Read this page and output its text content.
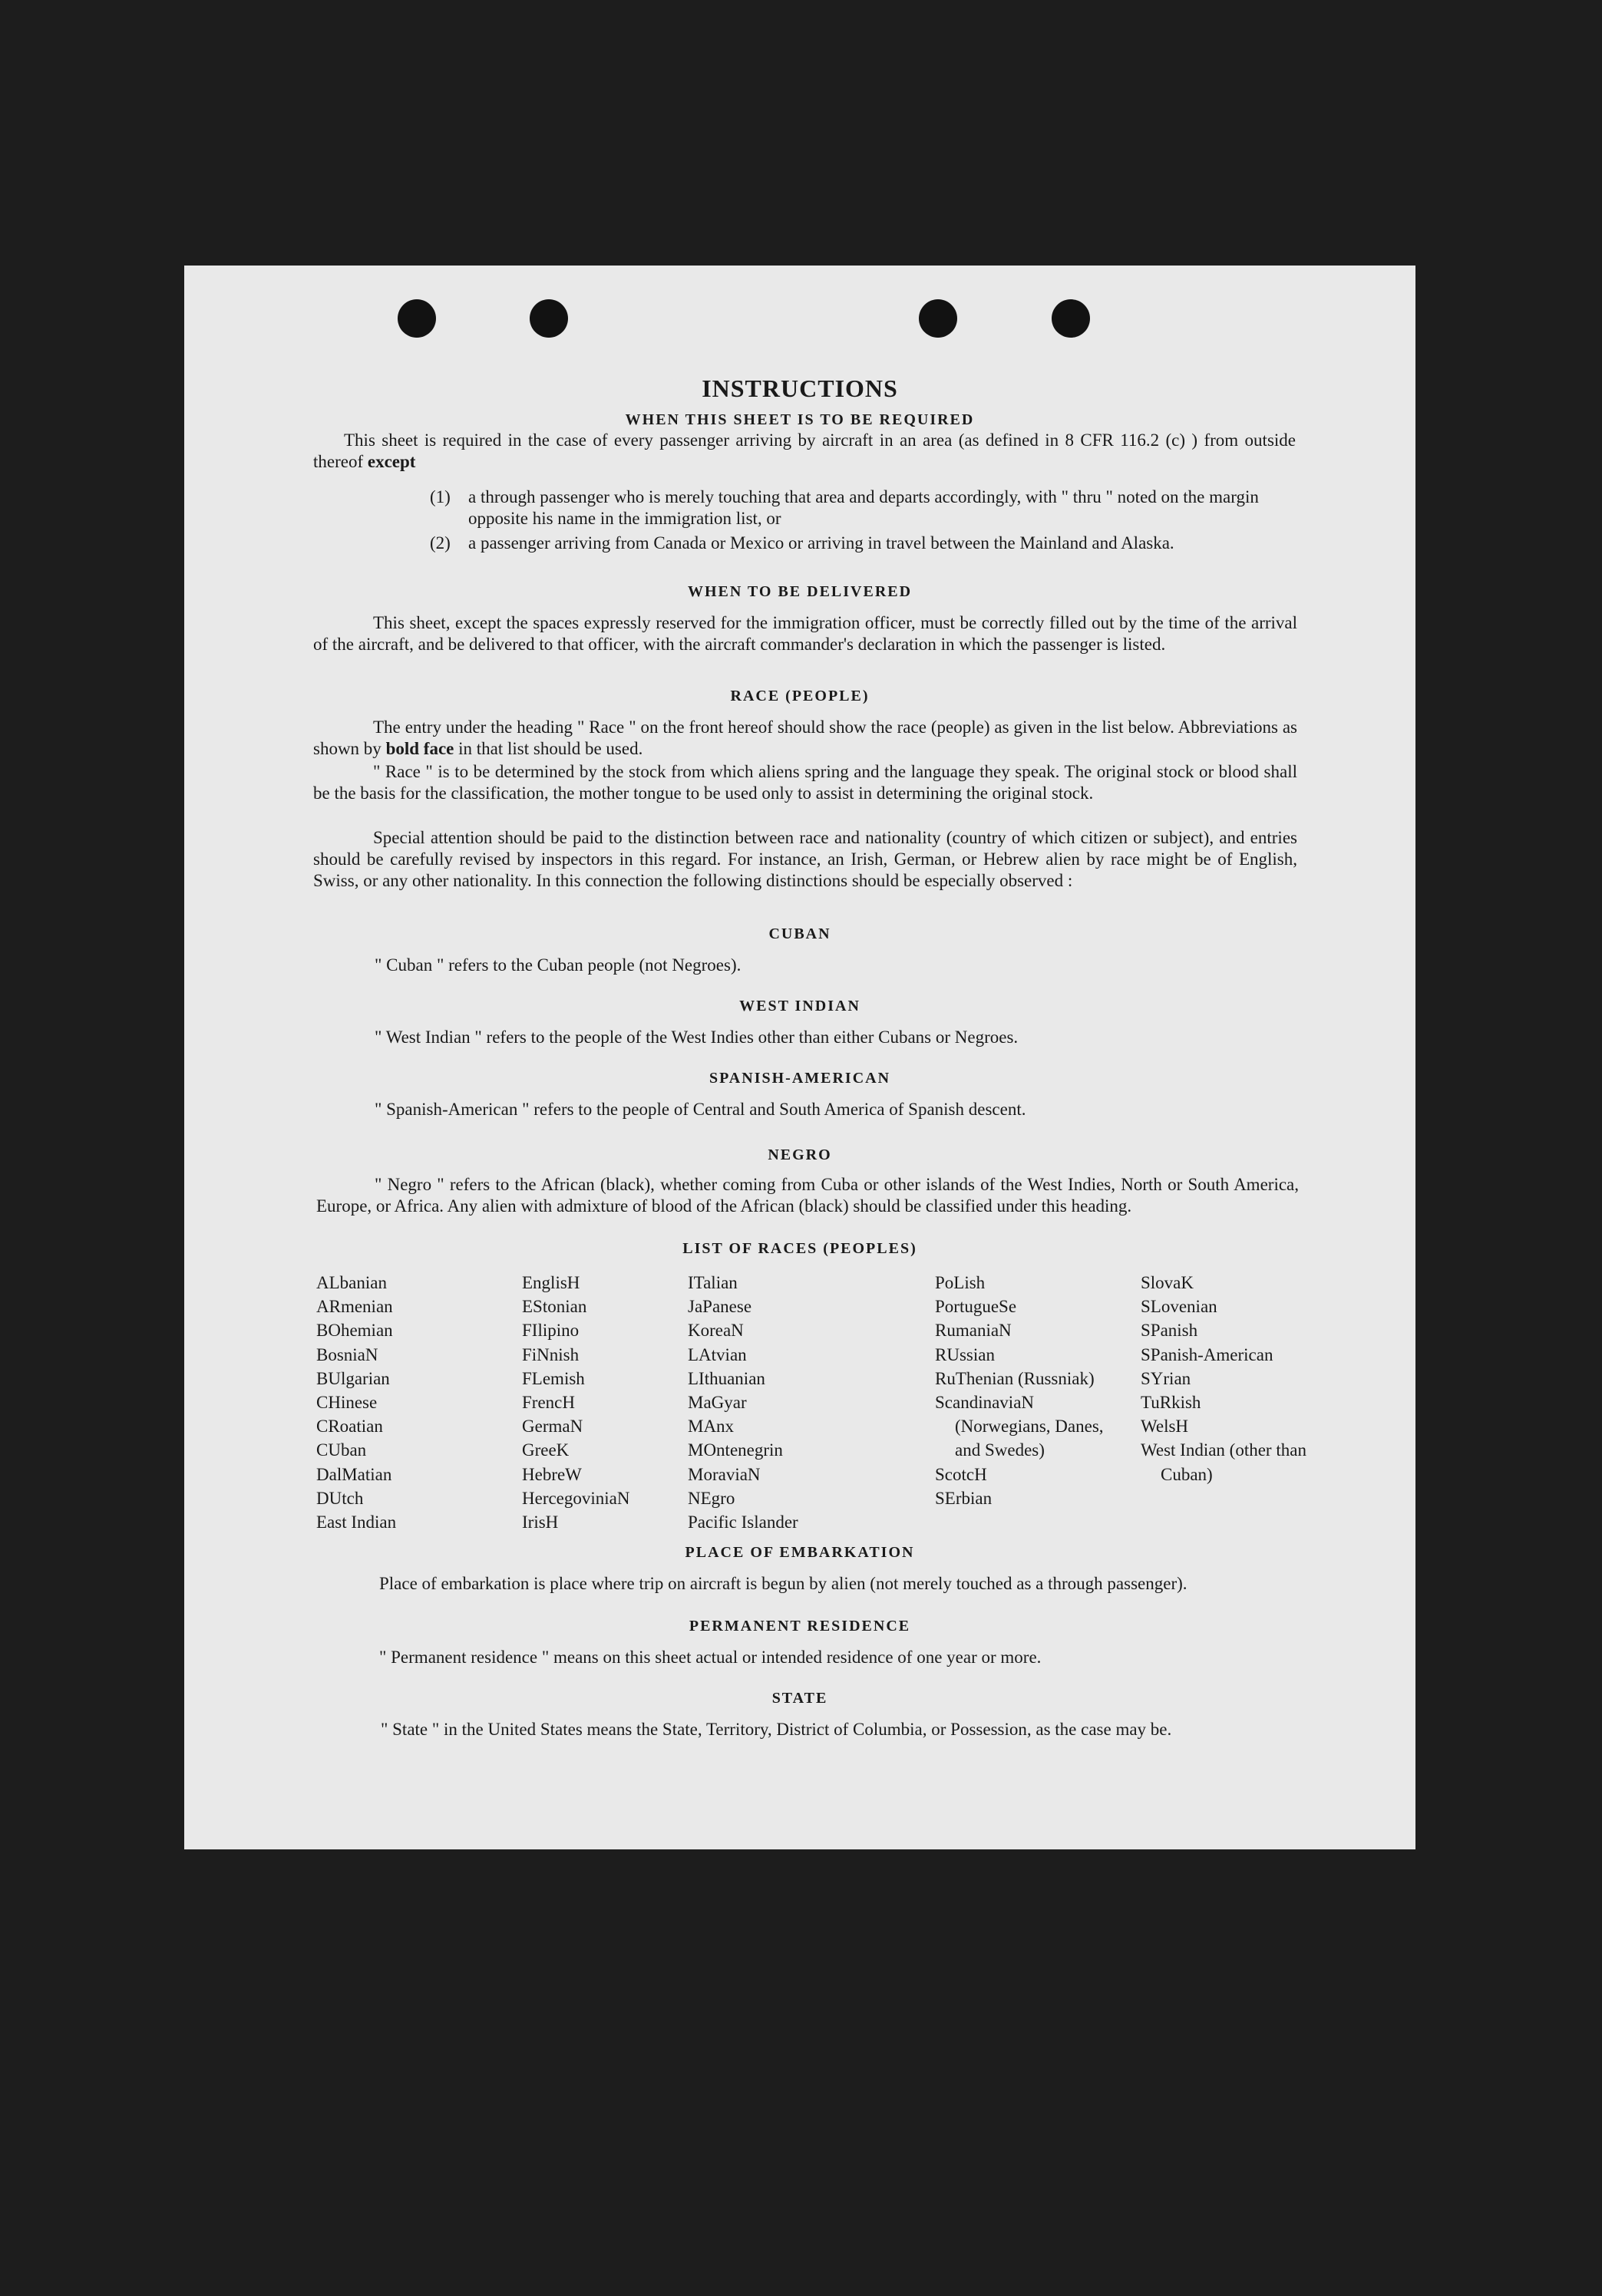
INSTRUCTIONS
WHEN THIS SHEET IS TO BE REQUIRED

This sheet is required in the case of every passenger arriving by aircraft in an area (as defined in 8 CFR 116.2 (c) ) from outside thereof except

(1) a through passenger who is merely touching that area and departs accordingly, with " thru " noted on the margin opposite his name in the immigration list, or
(2) a passenger arriving from Canada or Mexico or arriving in travel between the Mainland and Alaska.
WHEN TO BE DELIVERED

This sheet, except the spaces expressly reserved for the immigration officer, must be correctly filled out by the time of the arrival of the aircraft, and be delivered to that officer, with the aircraft commander's declaration in which the passenger is listed.

RACE (PEOPLE)

The entry under the heading " Race " on the front hereof should show the race (people) as given in the list below. Abbreviations as shown by bold face in that list should be used.

" Race " is to be determined by the stock from which aliens spring and the language they speak. The original stock or blood shall be the basis for the classification, the mother tongue to be used only to assist in determining the original stock.

Special attention should be paid to the distinction between race and nationality (country of which citizen or subject), and entries should be carefully revised by inspectors in this regard. For instance, an Irish, German, or Hebrew alien by race might be of English, Swiss, or any other nationality. In this connection the following distinctions should be especially observed :

CUBAN

" Cuban " refers to the Cuban people (not Negroes).

WEST INDIAN

" West Indian " refers to the people of the West Indies other than either Cubans or Negroes.

SPANISH-AMERICAN

" Spanish-American " refers to the people of Central and South America of Spanish descent.

NEGRO

" Negro " refers to the African (black), whether coming from Cuba or other islands of the West Indies, North or South America, Europe, or Africa. Any alien with admixture of blood of the African (black) should be classified under this heading.

LIST OF RACES (PEOPLES)
ALbanian
ARmenian
BOhemian
BosniaN
BUlgarian
CHinese
CRoatian
CUban
DalMatian
DUtch
East Indian
EnglisH
EStonian
FIlipino
FiNnish
FLemish
FrencH
GermaN
GreeK
HebreW
HercegoviniaN
IrisH
ITalian
JaPanese
KoreaN
LAtvian
LIthuanian
MaGyar
MAnx
MOntenegrin
MoraviaN
NEgro
Pacific Islander
PoLish
PortugueSe
RumaniaN
RUssian
RuThenian (Russniak)
ScandinaviaN (Norwegians, Danes, and Swedes)
ScotcH
SErbian
SlovaK
SLovenian
SPanish
SPanish-American
SYrian
TuRkish
WelsH
West Indian (other than Cuban)
PLACE OF EMBARKATION

Place of embarkation is place where trip on aircraft is begun by alien (not merely touched as a through passenger).

PERMANENT RESIDENCE

" Permanent residence " means on this sheet actual or intended residence of one year or more.

STATE

" State " in the United States means the State, Territory, District of Columbia, or Possession, as the case may be.
